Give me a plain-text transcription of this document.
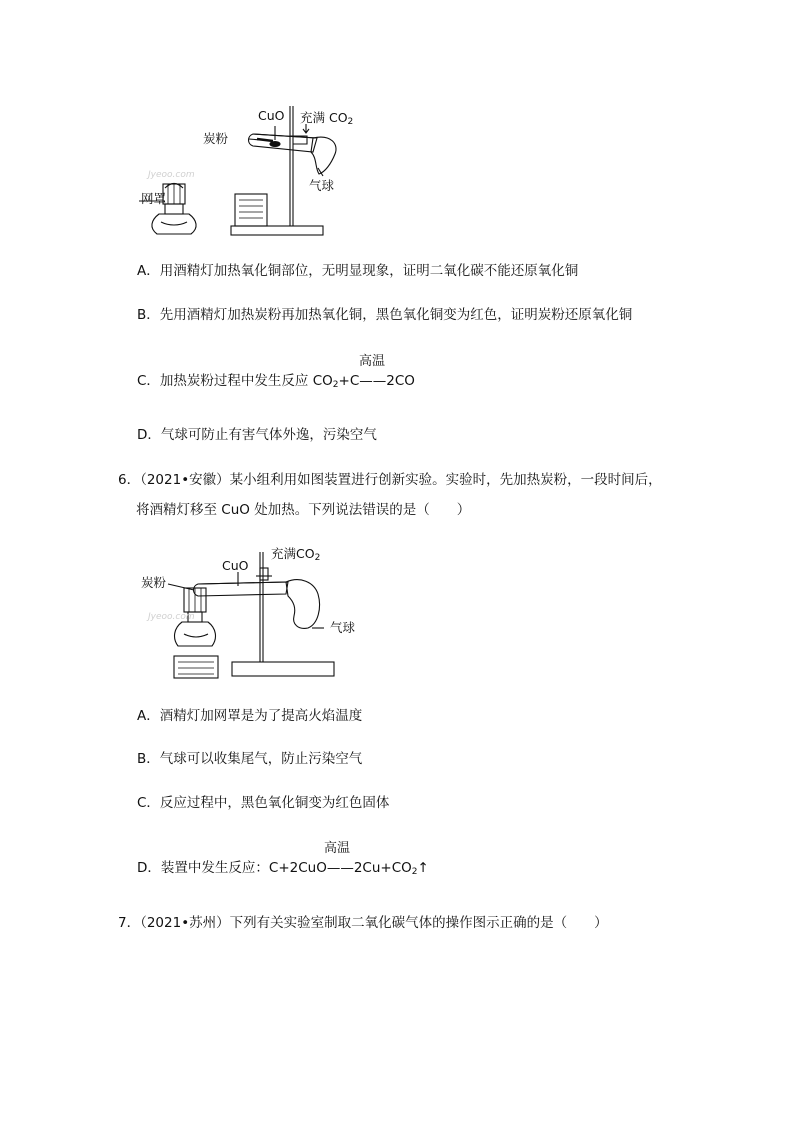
CuO 充满 $CO_2$
炭粉
气球
网罩
Jyeoo.com
A．用酒精灯加热氧化铜部位，无明显现象，证明二氧化碳不能还原氧化铜
B．先用酒精灯加热炭粉再加热氧化铜，黑色氧化铜变为红色，证明炭粉还原氧化铜
高温
C．加热炭粉过程中发生反应 $CO_2+C——2CO$
D．气球可防止有害气体外逸，污染空气
6．（2021•安徽）某小组利用如图装置进行创新实验。实验时，先加热炭粉，一段时间后，
将酒精灯移至 CuO 处加热。下列说法错误的是（　　）
CuO
充满$CO_2$
炭粉
气球
Jyeoo.com
A．酒精灯加网罩是为了提高火焰温度
B．气球可以收集尾气，防止污染空气
C．反应过程中，黑色氧化铜变为红色固体
高温
D．装置中发生反应：$C+2CuO——2Cu+CO_2↑$
7．（2021•苏州）下列有关实验室制取二氧化碳气体的操作图示正确的是（　　）
